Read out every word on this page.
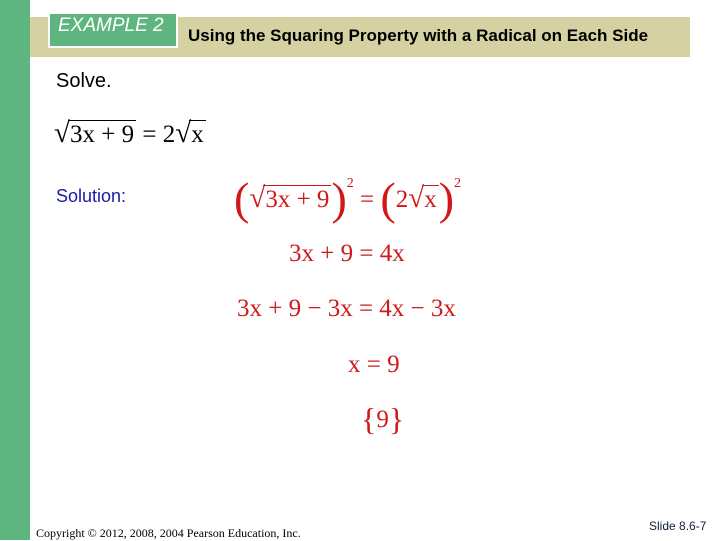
EXAMPLE 2 Using the Squaring Property with a Radical on Each Side
Solve.
√ 3x + 9 = 2 √ x
Solution: ( √ 3x + 9)$^2$ = (2 √ x)$^2$
3x + 9 = 4x
3x + 9 − 3x = 4x − 3x
x = 9
{9}
Copyright © 2012, 2008, 2004 Pearson Education, Inc.	Slide 8.6-7
